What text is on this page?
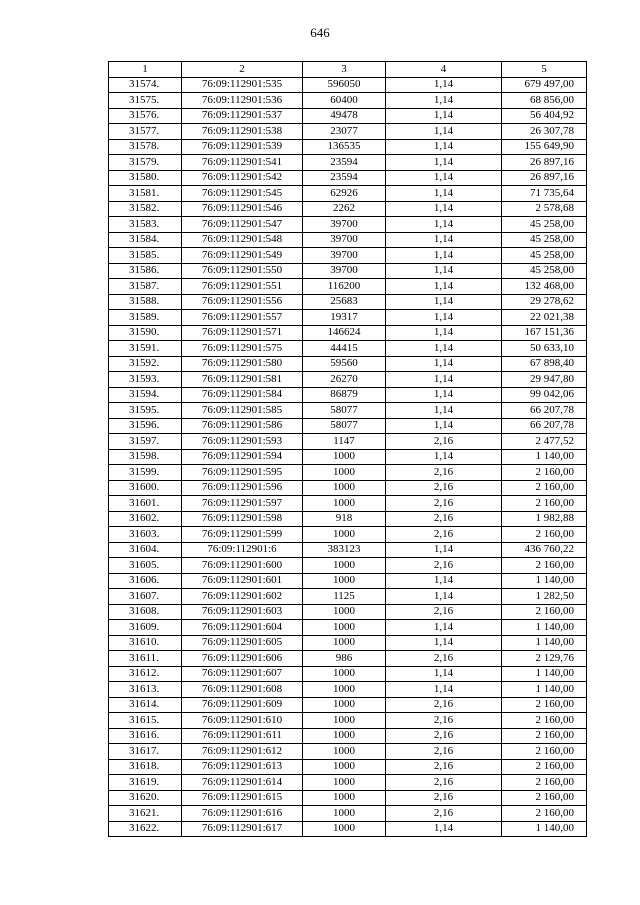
646
1	2	3	4	5
31574.	76:09:112901:535	596050	1,14	679 497,00
31575.	76:09:112901:536	60400	1,14	68 856,00
31576.	76:09:112901:537	49478	1,14	56 404,92
31577.	76:09:112901:538	23077	1,14	26 307,78
31578.	76:09:112901:539	136535	1,14	155 649,90
31579.	76:09:112901:541	23594	1,14	26 897,16
31580.	76:09:112901:542	23594	1,14	26 897,16
31581.	76:09:112901:545	62926	1,14	71 735,64
31582.	76:09:112901:546	2262	1,14	2 578,68
31583.	76:09:112901:547	39700	1,14	45 258,00
31584.	76:09:112901:548	39700	1,14	45 258,00
31585.	76:09:112901:549	39700	1,14	45 258,00
31586.	76:09:112901:550	39700	1,14	45 258,00
31587.	76:09:112901:551	116200	1,14	132 468,00
31588.	76:09:112901:556	25683	1,14	29 278,62
31589.	76:09:112901:557	19317	1,14	22 021,38
31590.	76:09:112901:571	146624	1,14	167 151,36
31591.	76:09:112901:575	44415	1,14	50 633,10
31592.	76:09:112901:580	59560	1,14	67 898,40
31593.	76:09:112901:581	26270	1,14	29 947,80
31594.	76:09:112901:584	86879	1,14	99 042,06
31595.	76:09:112901:585	58077	1,14	66 207,78
31596.	76:09:112901:586	58077	1,14	66 207,78
31597.	76:09:112901:593	1147	2,16	2 477,52
31598.	76:09:112901:594	1000	1,14	1 140,00
31599.	76:09:112901:595	1000	2,16	2 160,00
31600.	76:09:112901:596	1000	2,16	2 160,00
31601.	76:09:112901:597	1000	2,16	2 160,00
31602.	76:09:112901:598	918	2,16	1 982,88
31603.	76:09:112901:599	1000	2,16	2 160,00
31604.	76:09:112901:6	383123	1,14	436 760,22
31605.	76:09:112901:600	1000	2,16	2 160,00
31606.	76:09:112901:601	1000	1,14	1 140,00
31607.	76:09:112901:602	1125	1,14	1 282,50
31608.	76:09:112901:603	1000	2,16	2 160,00
31609.	76:09:112901:604	1000	1,14	1 140,00
31610.	76:09:112901:605	1000	1,14	1 140,00
31611.	76:09:112901:606	986	2,16	2 129,76
31612.	76:09:112901:607	1000	1,14	1 140,00
31613.	76:09:112901:608	1000	1,14	1 140,00
31614.	76:09:112901:609	1000	2,16	2 160,00
31615.	76:09:112901:610	1000	2,16	2 160,00
31616.	76:09:112901:611	1000	2,16	2 160,00
31617.	76:09:112901:612	1000	2,16	2 160,00
31618.	76:09:112901:613	1000	2,16	2 160,00
31619.	76:09:112901:614	1000	2,16	2 160,00
31620.	76:09:112901:615	1000	2,16	2 160,00
31621.	76:09:112901:616	1000	2,16	2 160,00
31622.	76:09:112901:617	1000	1,14	1 140,00
